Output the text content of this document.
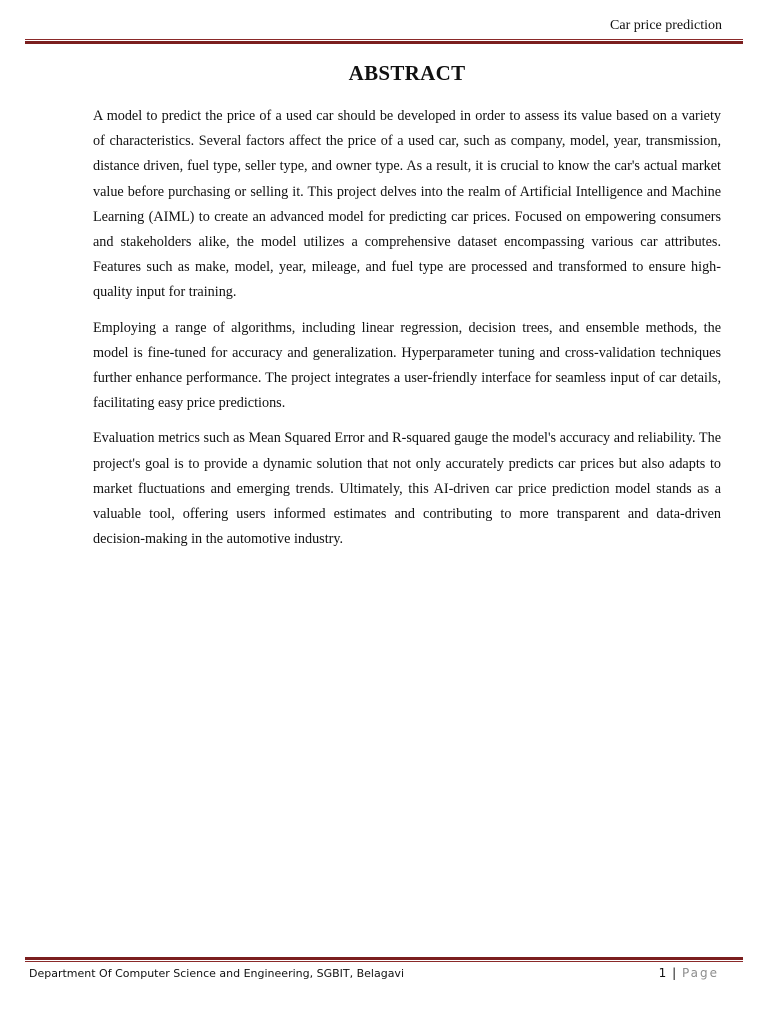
Car price prediction
ABSTRACT

A model to predict the price of a used car should be developed in order to assess its value based on a variety of characteristics. Several factors affect the price of a used car, such as company, model, year, transmission, distance driven, fuel type, seller type, and owner type. As a result, it is crucial to know the car's actual market value before purchasing or selling it. This project delves into the realm of Artificial Intelligence and Machine Learning (AIML) to create an advanced model for predicting car prices. Focused on empowering consumers and stakeholders alike, the model utilizes a comprehensive dataset encompassing various car attributes. Features such as make, model, year, mileage, and fuel type are processed and transformed to ensure high-quality input for training.

Employing a range of algorithms, including linear regression, decision trees, and ensemble methods, the model is fine-tuned for accuracy and generalization. Hyperparameter tuning and cross-validation techniques further enhance performance. The project integrates a user-friendly interface for seamless input of car details, facilitating easy price predictions.

Evaluation metrics such as Mean Squared Error and R-squared gauge the model's accuracy and reliability. The project's goal is to provide a dynamic solution that not only accurately predicts car prices but also adapts to market fluctuations and emerging trends. Ultimately, this AI-driven car price prediction model stands as a valuable tool, offering users informed estimates and contributing to more transparent and data-driven decision-making in the automotive industry.

Department Of Computer Science and Engineering, SGBIT, Belagavi	1 | Page
